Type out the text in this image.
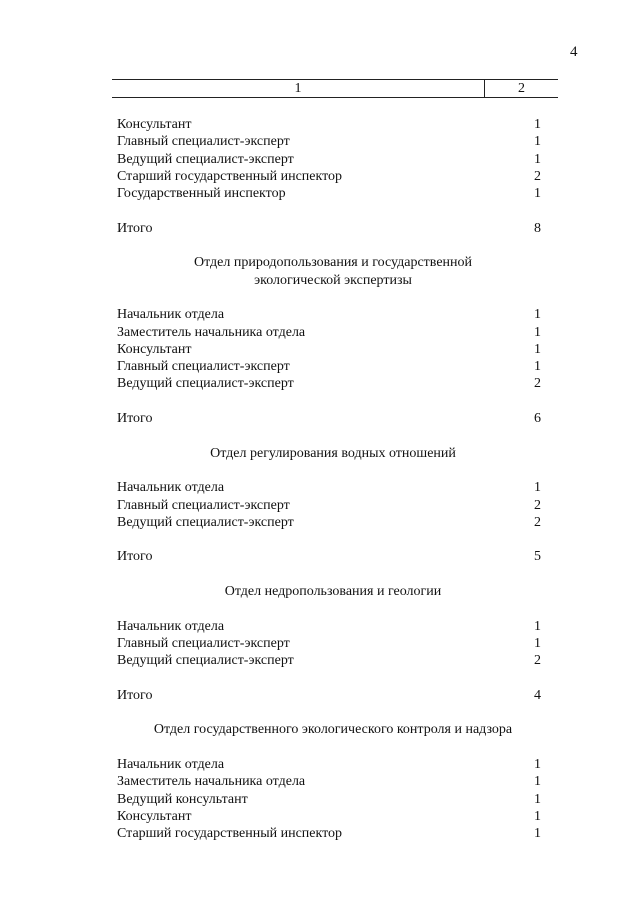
4
1	2
Консультант	1
Главный специалист-эксперт	1
Ведущий специалист-эксперт	1
Старший государственный инспектор	2
Государственный инспектор	1
Итого	8
Отдел природопользования и государственной
экологической экспертизы
Начальник отдела	1
Заместитель начальника отдела	1
Консультант	1
Главный специалист-эксперт	1
Ведущий специалист-эксперт	2
Итого	6
Отдел регулирования водных отношений
Начальник отдела	1
Главный специалист-эксперт	2
Ведущий специалист-эксперт	2
Итого	5
Отдел недропользования и геологии
Начальник отдела	1
Главный специалист-эксперт	1
Ведущий специалист-эксперт	2
Итого	4
Отдел государственного экологического контроля и надзора
Начальник отдела	1
Заместитель начальника отдела	1
Ведущий консультант	1
Консультант	1
Старший государственный инспектор	1
